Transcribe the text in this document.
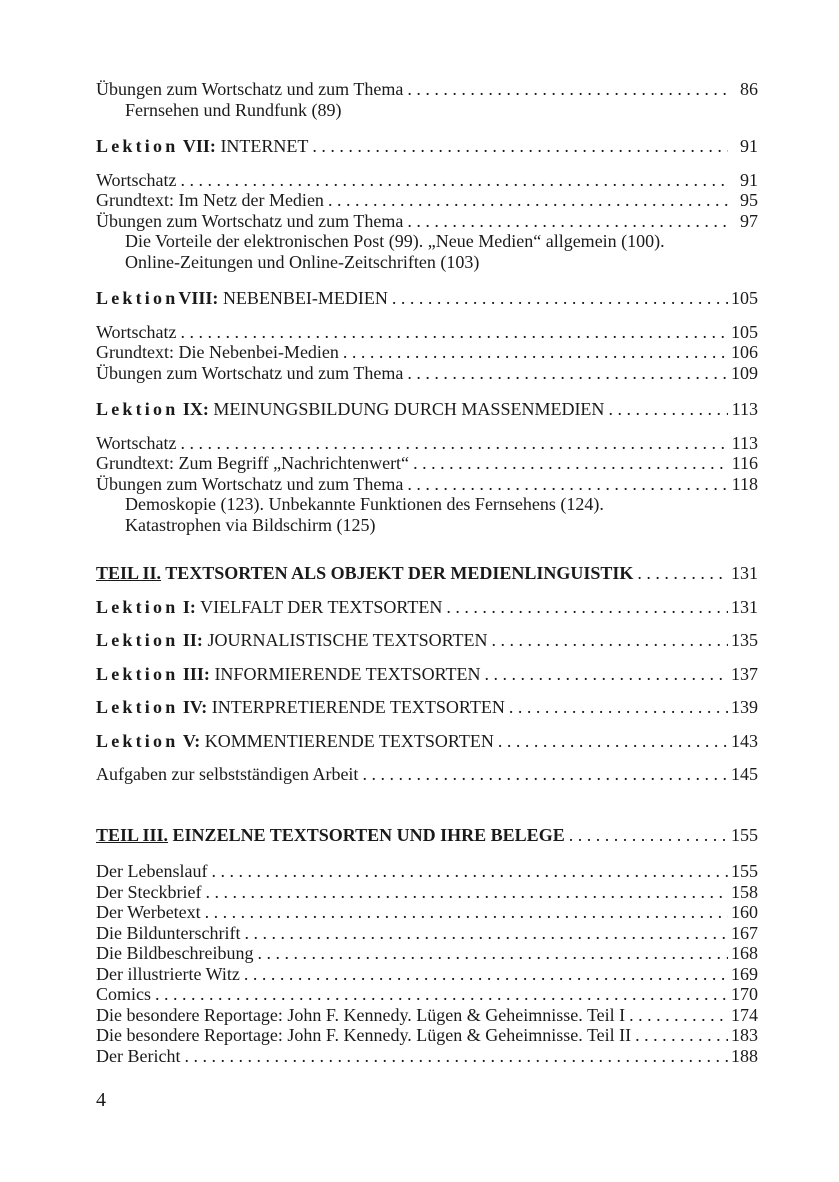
Übungen zum Wortschatz und zum Thema . . .	86
Fernsehen und Rundfunk (89)
Lektion VII: INTERNET . . .	91
Wortschatz . . .	91
Grundtext: Im Netz der Medien . . .	95
Übungen zum Wortschatz und zum Thema . . .	97
Die Vorteile der elektronischen Post (99). „Neue Medien“ allgemein (100).
Online-Zeitungen und Online-Zeitschriften (103)
LektionVIII: NEBENBEI-MEDIEN . . .	105
Wortschatz . . .	105
Grundtext: Die Nebenbei-Medien . . .	106
Übungen zum Wortschatz und zum Thema . . .	109
Lektion IX: MEINUNGSBILDUNG DURCH MASSENMEDIEN . . .	113
Wortschatz . . .	113
Grundtext: Zum Begriff „Nachrichtenwert“ . . .	116
Übungen zum Wortschatz und zum Thema . . .	118
Demoskopie (123). Unbekannte Funktionen des Fernsehens (124).
Katastrophen via Bildschirm (125)
TEIL II. TEXTSORTEN ALS OBJEKT DER MEDIENLINGUISTIK . . .	131
Lektion I: VIELFALT DER TEXTSORTEN . . .	131
Lektion II: JOURNALISTISCHE TEXTSORTEN . . .	135
Lektion III: INFORMIERENDE TEXTSORTEN . . .	137
Lektion IV: INTERPRETIERENDE TEXTSORTEN . . .	139
Lektion V: KOMMENTIERENDE TEXTSORTEN . . .	143
Aufgaben zur selbstständigen Arbeit . . .	145
TEIL III. EINZELNE TEXTSORTEN UND IHRE BELEGE . . .	155
Der Lebenslauf . . .	155
Der Steckbrief . . .	158
Der Werbetext . . .	160
Die Bildunterschrift . . .	167
Die Bildbeschreibung . . .	168
Der illustrierte Witz . . .	169
Comics . . .	170
Die besondere Reportage: John F. Kennedy. Lügen & Geheimnisse. Teil I . . .	174
Die besondere Reportage: John F. Kennedy. Lügen & Geheimnisse. Teil II . . .	183
Der Bericht . . .	188
4
